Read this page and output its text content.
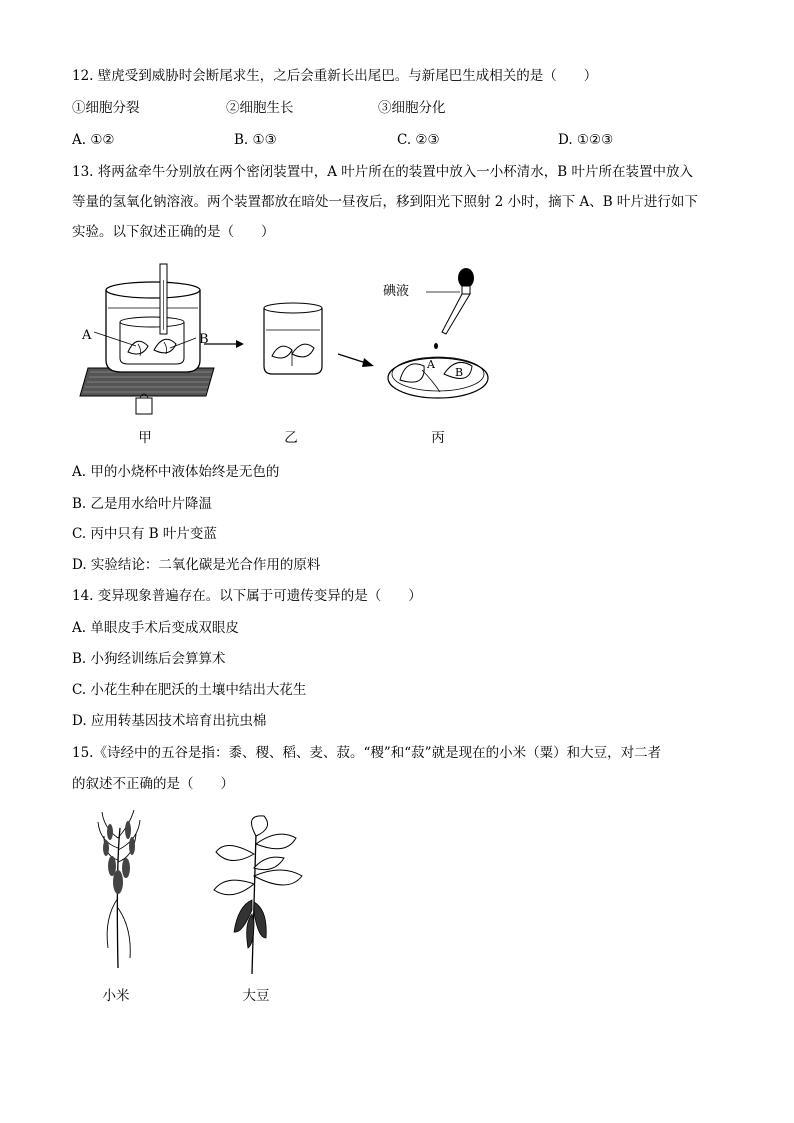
12. 壁虎受到威胁时会断尾求生，之后会重新长出尾巴。与新尾巴生成相关的是（　　）
①细胞分裂	②细胞生长	③细胞分化
A. ①②	B. ①③	C. ②③	D. ①②③
13. 将两盆牵牛分别放在两个密闭装置中，A 叶片所在的装置中放入一小杯清水，B 叶片所在装置中放入
等量的氢氧化钠溶液。两个装置都放在暗处一昼夜后，移到阳光下照射 2 小时，摘下 A、B 叶片进行如下
实验。以下叙述正确的是（　　）
A	B
碘液
A
B
甲	乙	丙
A. 甲的小烧杯中液体始终是无色的
B. 乙是用水给叶片降温
C. 丙中只有 B 叶片变蓝
D. 实验结论：二氧化碳是光合作用的原料
14. 变异现象普遍存在。以下属于可遗传变异的是（　　）
A. 单眼皮手术后变成双眼皮
B. 小狗经训练后会算算术
C. 小花生种在肥沃的土壤中结出大花生
D. 应用转基因技术培育出抗虫棉
15.《诗经中的五谷是指：黍、稷、稻、麦、菽。“稷”和“菽”就是现在的小米（粟）和大豆，对二者
的叙述不正确的是（　　）
小米	大豆
